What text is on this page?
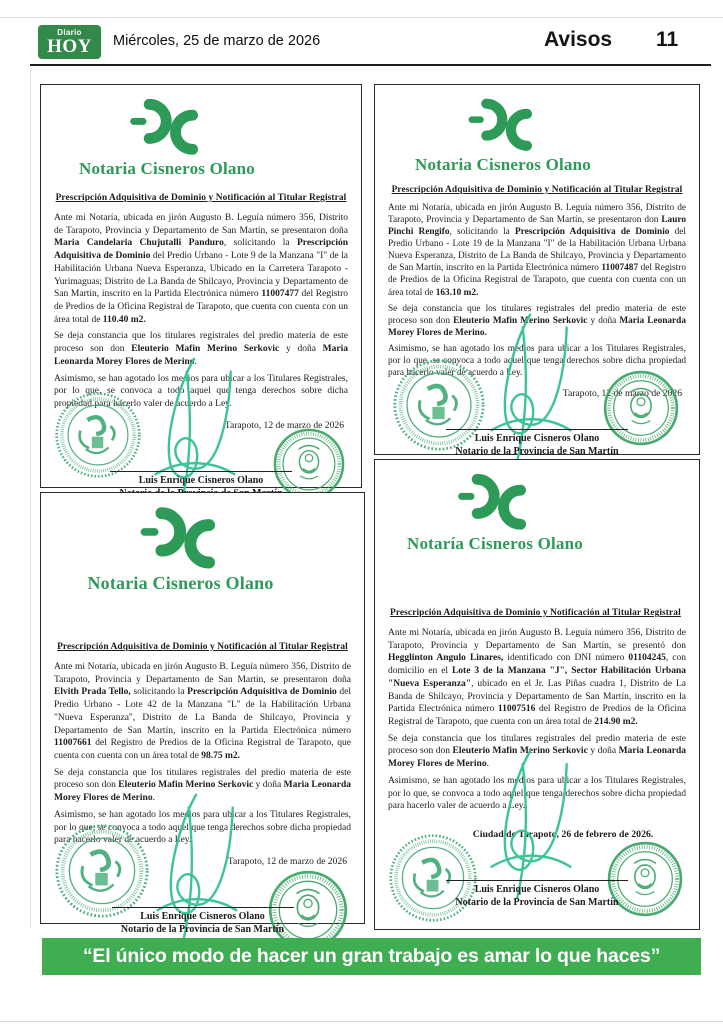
Diario
HOY Miércoles, 25 de marzo de 2026	Avisos 11
Notaria Cisneros Olano
Prescripción Adquisitiva de Dominio y Notificación al Titular Registral

Ante mi Notaría, ubicada en jirón Augusto B. Leguía número 356, Distrito de Tarapoto, Provincia y Departamento de San Martín, se presentaron doña Maria Candelaria Chujutalli Panduro, solicitando la Prescripción Adquisitiva de Dominio del Predio Urbano - Lote 9 de la Manzana "I" de la Habilitación Urbana Nueva Esperanza, Ubicado en la Carretera Tarapoto - Yurimaguas; Distrito de La Banda de Shilcayo, Provincia y Departamento de San Martín, inscrito en la Partida Electrónica número 11007477 del Registro de Predios de la Oficina Registral de Tarapoto, que cuenta con cuenta con un área total de 110.40 m2.

Se deja constancia que los titulares registrales del predio materia de este proceso son don Eleuterio Mafin Merino Serkovic y doña Maria Leonarda Morey Flores de Merino.

Asimismo, se han agotado los medios para ubicar a los Titulares Registrales, por lo que, se convoca a todo aquel que tenga derechos sobre dicha propiedad para hacerlo valer de acuerdo a Ley.

Tarapoto, 12 de marzo de 2026
Luis Enrique Cisneros Olano
Notaria Cisneros Olano
Prescripción Adquisitiva de Dominio y Notificación al Titular Registral

Ante mi Notaría, ubicada en jirón Augusto B. Leguía número 356, Distrito de Tarapoto, Provincia y Departamento de San Martín, se presentaron don Lauro Pinchi Rengifo, solicitando la Prescripción Adquisitiva de Dominio del Predio Urbano - Lote 19 de la Manzana "I" de la Habilitación Urbana Urbana Nueva Esperanza, Distrito de La Banda de Shilcayo, Provincia y Departamento de San Martín, inscrito en la Partida Electrónica número 11007487 del Registro de Predios de la Oficina Registral de Tarapoto, que cuenta con cuenta con un área total de 163.10 m2.

Se deja constancia que los titulares registrales del predio materia de este proceso son don Eleuterio Mafin Merino Serkovic y doña Maria Leonarda Morey Flores de Merino.

Asimismo, se han agotado los medios para ubicar a los Titulares Registrales, por lo que, se convoca a todo aquel que tenga derechos sobre dicha propiedad para hacerlo valer de acuerdo a Ley.

Tarapoto, 12 de marzo de 2026
Luis Enrique Cisneros Olano
Notario de la Provincia de San Martín
Notaria Cisneros Olano
Prescripción Adquisitiva de Dominio y Notificación al Titular Registral

Ante mi Notaría, ubicada en jirón Augusto B. Leguía número 356, Distrito de Tarapoto, Provincia y Departamento de San Martín, se presentaron doña Elvith Prada Tello, solicitando la Prescripción Adquisitiva de Dominio del Predio Urbano - Lote 42 de la Manzana "L" de la Habilitación Urbana "Nueva Esperanza", Distrito de La Banda de Shilcayo, Provincia y Departamento de San Martín, inscrito en la Partida Electrónica número 11007661 del Registro de Predios de la Oficina Registral de Tarapoto, que cuenta con cuenta con un área total de 98.75 m2.

Se deja constancia que los titulares registrales del predio materia de este proceso son don Eleuterio Mafin Merino Serkovic y doña Maria Leonarda Morey Flores de Merino.

Asimismo, se han agotado los medios para ubicar a los Titulares Registrales, por lo que, se convoca a todo aquel que tenga derechos sobre dicha propiedad para hacerlo valer de acuerdo a Ley.

Tarapoto, 12 de marzo de 2026
Luis Enrique Cisneros Olano
Notario de la Provincia de San Martín
Notaría Cisneros Olano
Prescripción Adquisitiva de Dominio y Notificación al Titular Registral

Ante mi Notaría, ubicada en jirón Augusto B. Leguía número 356, Distrito de Tarapoto, Provincia y Departamento de San Martín, se presentó don Hegglinton Angulo Linares, identificado con DNI número 01104245, con domicilio en el Lote 3 de la Manzana "J", Sector Habilitación Urbana "Nueva Esperanza", ubicado en el Jr. Las Piñas cuadra 1, Distrito de La Banda de Shilcayo, Provincia y Departamento de San Martín, inscrito en la Partida Electrónica número 11007516 del Registro de Predios de la Oficina Registral de Tarapoto, que cuenta con un área total de 214.90 m2.

Se deja constancia que los titulares registrales del predio materia de este proceso son don Eleuterio Mafin Merino Serkovic y doña Maria Leonarda Morey Flores de Merino.

Asimismo, se han agotado los medios para ubicar a los Titulares Registrales, por lo que, se convoca a todo aquel que tenga derechos sobre dicha propiedad para hacerlo valer de acuerdo a Ley.

Ciudad de Tarapoto, 26 de febrero de 2026.
Luis Enrique Cisneros Olano
Notario de la Provincia de San Martín
“El único modo de hacer un gran trabajo es amar lo que haces”
